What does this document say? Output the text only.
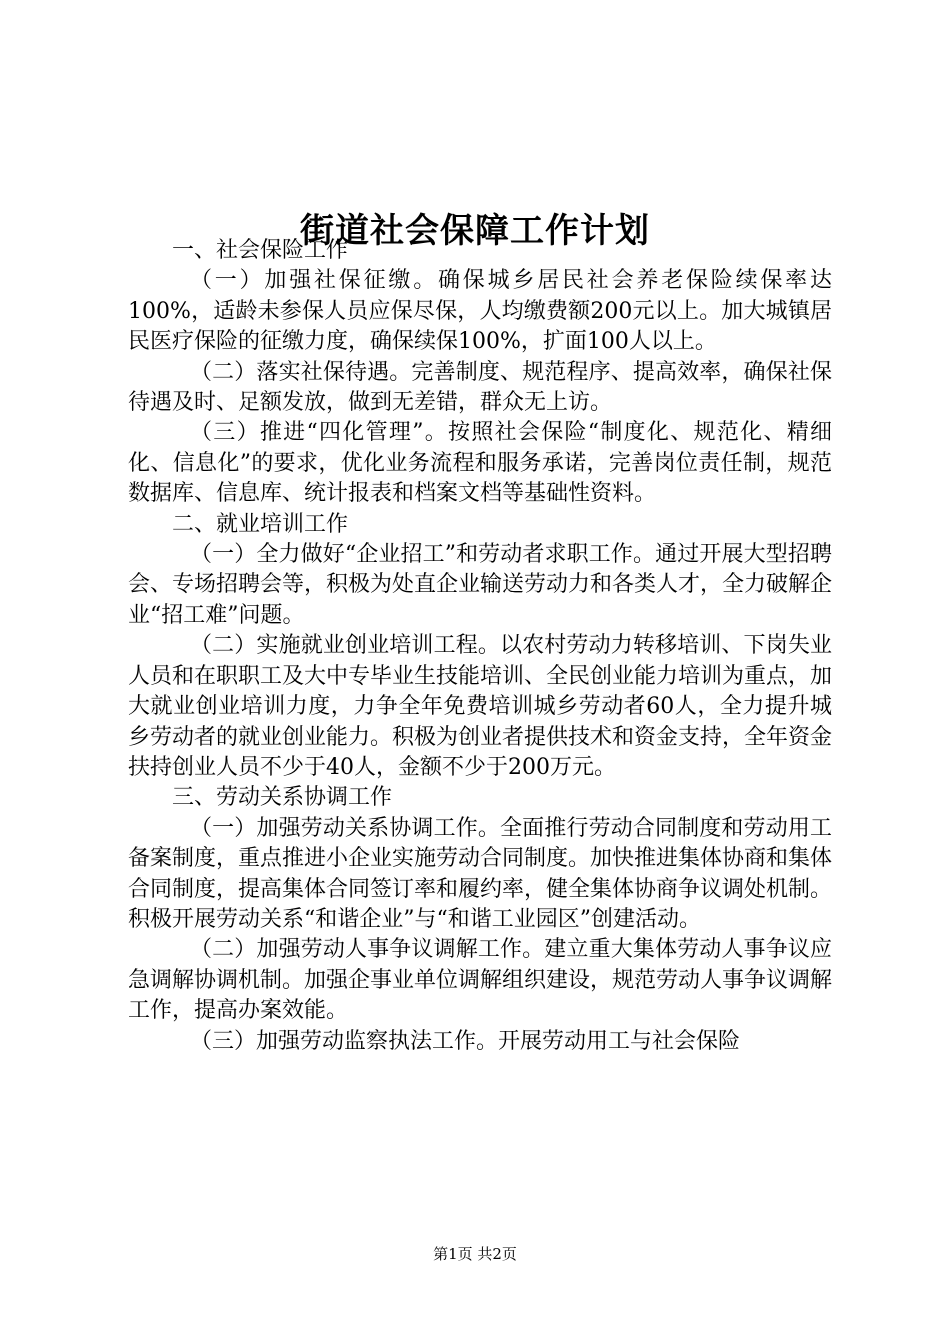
街道社会保障工作计划

一、社会保险工作

（一）加强社保征缴。确保城乡居民社会养老保险续保率达100%，适龄未参保人员应保尽保，人均缴费额200元以上。加大城镇居民医疗保险的征缴力度，确保续保100%，扩面100人以上。

（二）落实社保待遇。完善制度、规范程序、提高效率，确保社保待遇及时、足额发放，做到无差错，群众无上访。

（三）推进“四化管理”。按照社会保险“制度化、规范化、精细化、信息化”的要求，优化业务流程和服务承诺，完善岗位责任制，规范数据库、信息库、统计报表和档案文档等基础性资料。

二、就业培训工作

（一）全力做好“企业招工”和劳动者求职工作。通过开展大型招聘会、专场招聘会等，积极为处直企业输送劳动力和各类人才，全力破解企业“招工难”问题。

（二）实施就业创业培训工程。以农村劳动力转移培训、下岗失业人员和在职职工及大中专毕业生技能培训、全民创业能力培训为重点，加大就业创业培训力度，力争全年免费培训城乡劳动者60人，全力提升城乡劳动者的就业创业能力。积极为创业者提供技术和资金支持，全年资金扶持创业人员不少于40人，金额不少于200万元。

三、劳动关系协调工作

（一）加强劳动关系协调工作。全面推行劳动合同制度和劳动用工备案制度，重点推进小企业实施劳动合同制度。加快推进集体协商和集体合同制度，提高集体合同签订率和履约率，健全集体协商争议调处机制。积极开展劳动关系“和谐企业”与“和谐工业园区”创建活动。

（二）加强劳动人事争议调解工作。建立重大集体劳动人事争议应急调解协调机制。加强企事业单位调解组织建设，规范劳动人事争议调解工作，提高办案效能。

（三）加强劳动监察执法工作。开展劳动用工与社会保险

第1页 共2页
